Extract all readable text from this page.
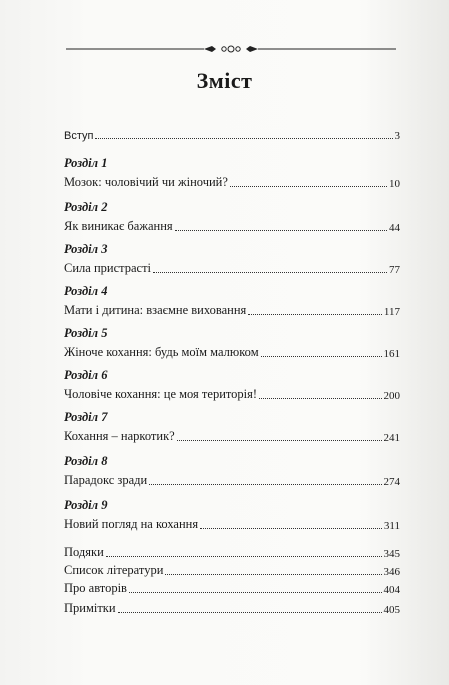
Зміст
Вступ	3
Розділ 1
Мозок: чоловічий чи жіночий?	10
Розділ 2
Як виникає бажання	44
Розділ 3
Сила пристрасті	77
Розділ 4
Мати і дитина: взаємне виховання	117
Розділ 5
Жіноче кохання: будь моїм малюком	161
Розділ 6
Чоловіче кохання: це моя територія!	200
Розділ 7
Кохання – наркотик?	241
Розділ 8
Парадокс зради	274
Розділ 9
Новий погляд на кохання	311
Подяки	345
Список літератури	346
Про авторів	404
Примітки	405
